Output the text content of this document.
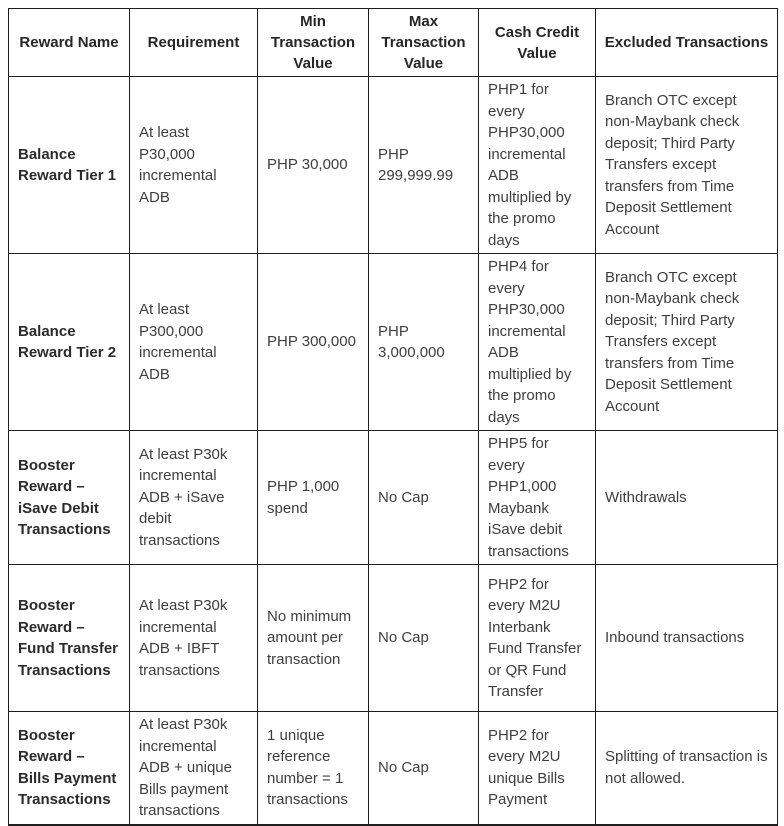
Reward Name	Requirement	Min Transaction Value	Max Transaction Value	Cash Credit Value	Excluded Transactions
Balance Reward Tier 1	At least P30,000 incremental ADB	PHP 30,000	PHP 299,999.99	PHP1 for every PHP30,000 incremental ADB multiplied by the promo days	Branch OTC except non-Maybank check deposit; Third Party Transfers except transfers from Time Deposit Settlement Account
Balance Reward Tier 2	At least P300,000 incremental ADB	PHP 300,000	PHP 3,000,000	PHP4 for every PHP30,000 incremental ADB multiplied by the promo days	Branch OTC except non-Maybank check deposit; Third Party Transfers except transfers from Time Deposit Settlement Account
Booster Reward – iSave Debit Transactions	At least P30k incremental ADB + iSave debit transactions	PHP 1,000 spend	No Cap	PHP5 for every PHP1,000 Maybank iSave debit transactions	Withdrawals
Booster Reward – Fund Transfer Transactions	At least P30k incremental ADB + IBFT transactions	No minimum amount per transaction	No Cap	PHP2 for every M2U Interbank Fund Transfer or QR Fund Transfer	Inbound transactions
Booster Reward – Bills Payment Transactions	At least P30k incremental ADB + unique Bills payment transactions	1 unique reference number = 1 transactions	No Cap	PHP2 for every M2U unique Bills Payment	Splitting of transaction is not allowed.
